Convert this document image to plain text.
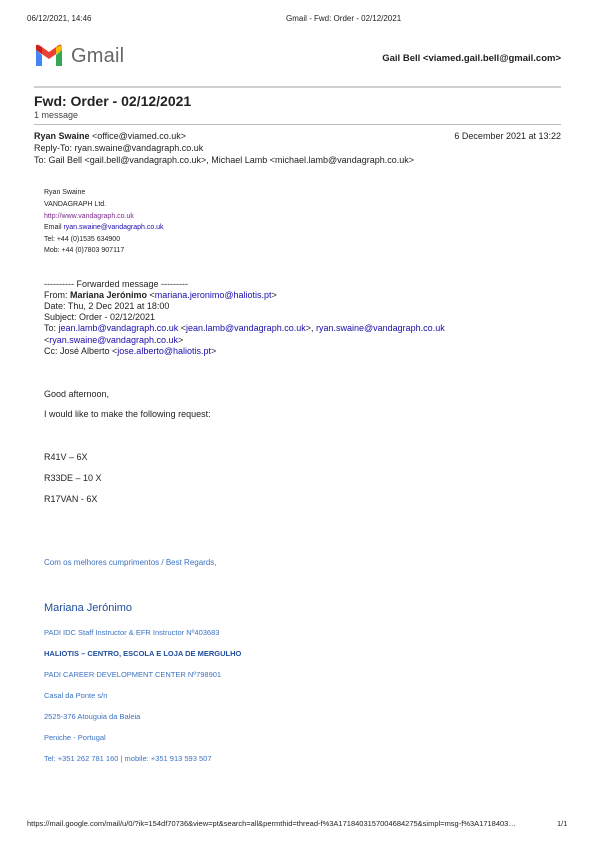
06/12/2021, 14:46	Gmail - Fwd: Order - 02/12/2021
Gmail	Gail Bell <viamed.gail.bell@gmail.com>
Fwd: Order - 02/12/2021
1 message
Ryan Swaine <office@viamed.co.uk>	6 December 2021 at 13:22
Reply-To: ryan.swaine@vandagraph.co.uk
To: Gail Bell <gail.bell@vandagraph.co.uk>, Michael Lamb <michael.lamb@vandagraph.co.uk>
Ryan Swaine
VANDAGRAPH Ltd.
http://www.vandagraph.co.uk
Email ryan.swaine@vandagraph.co.uk
Tel: +44 (0)1535 634900
Mob: +44 (0)7803 907117
---------- Forwarded message ---------
From: Mariana Jerónimo <mariana.jeronimo@haliotis.pt>
Date: Thu, 2 Dec 2021 at 18:00
Subject: Order - 02/12/2021
To: jean.lamb@vandagraph.co.uk <jean.lamb@vandagraph.co.uk>, ryan.swaine@vandagraph.co.uk
<ryan.swaine@vandagraph.co.uk>
Cc: José Alberto <jose.alberto@haliotis.pt>
Good afternoon,
I would like to make the following request:
R41V – 6X
R33DE – 10 X
R17VAN - 6X
Com os melhores cumprimentos / Best Regards,
Mariana Jerónimo
PADI IDC Staff Instructor & EFR Instructor Nº403683
HALIOTIS – CENTRO, ESCOLA E LOJA DE MERGULHO
PADI CAREER DEVELOPMENT CENTER Nº798901
Casal da Ponte s/n
2525-376 Atouguia da Baleia
Peniche - Portugal
Tel: +351 262 781 160 | mobile: +351 913 593 507
https://mail.google.com/mail/u/0/?ik=154df70736&view=pt&search=all&permthid=thread-f%3A1718403157004684275&simpl=msg-f%3A1718403…	1/1
